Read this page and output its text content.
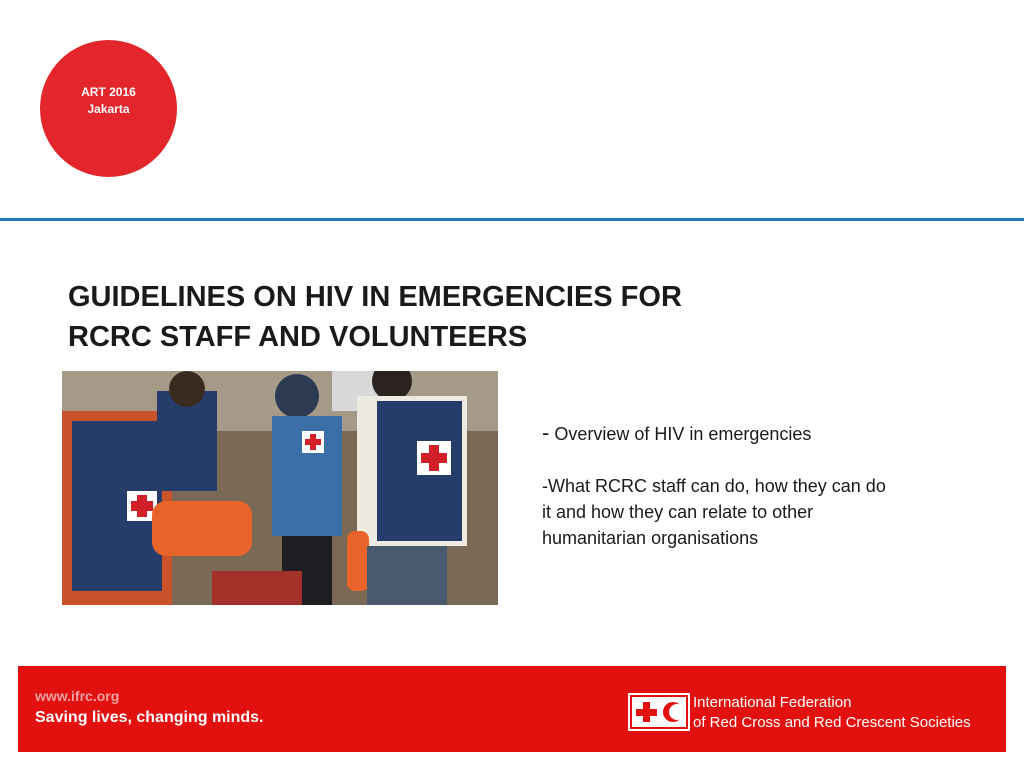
ART 2016
Jakarta
GUIDELINES ON HIV IN EMERGENCIES FOR
RCRC STAFF AND VOLUNTEERS

- Overview of HIV in emergencies

-What RCRC staff can do, how they can do
it and how they can relate to other
humanitarian organisations

www.ifrc.org
Saving lives, changing minds.
International Federation
of Red Cross and Red Crescent Societies
